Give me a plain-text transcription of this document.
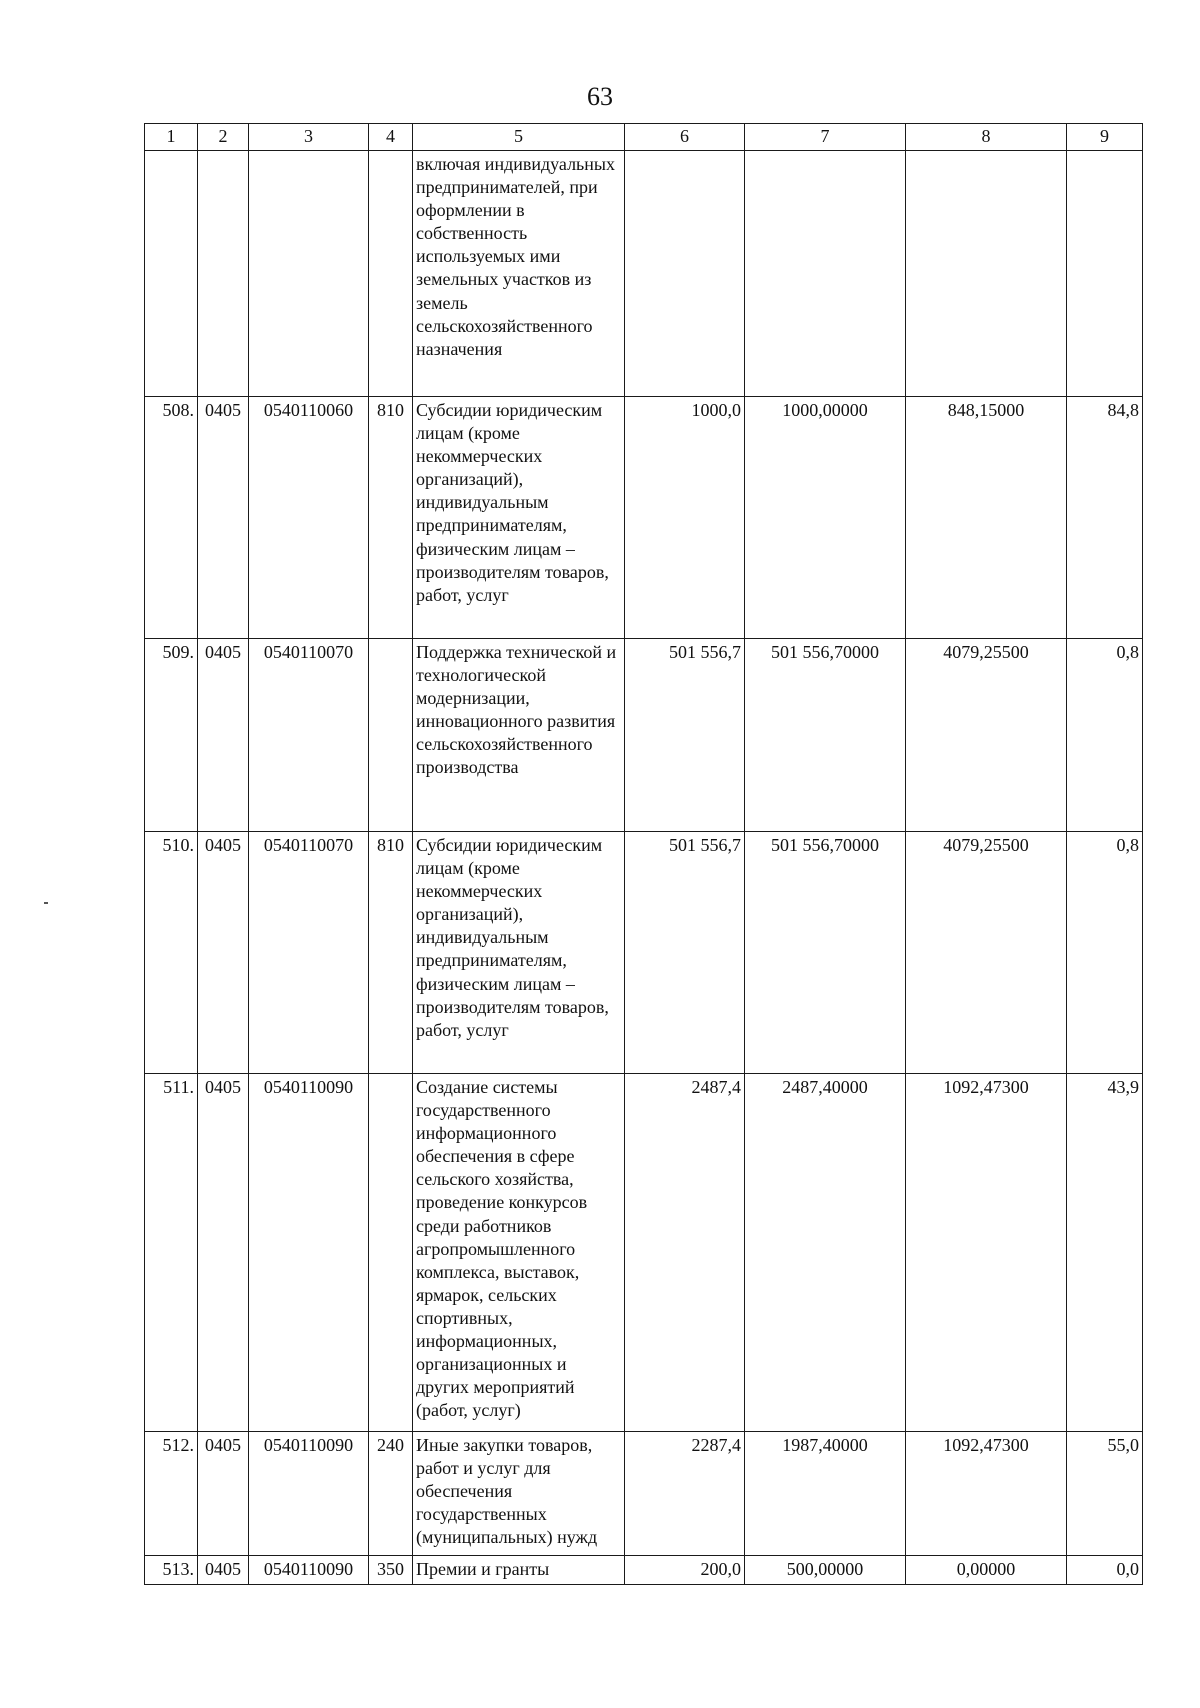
63
1	2	3	4	5	6	7	8	9
				включая индивидуальных предпринимателей, при оформлении в собственность используемых ими земельных участков из земель сельскохозяйственного назначения				
508.	0405	0540110060	810	Субсидии юридическим лицам (кроме некоммерческих организаций), индивидуальным предпринимателям, физическим лицам – производителям товаров, работ, услуг	1000,0	1000,00000	848,15000	84,8
509.	0405	0540110070		Поддержка технической и технологической модернизации, инновационного развития сельскохозяйственного производства	501 556,7	501 556,70000	4079,25500	0,8
510.	0405	0540110070	810	Субсидии юридическим лицам (кроме некоммерческих организаций), индивидуальным предпринимателям, физическим лицам – производителям товаров, работ, услуг	501 556,7	501 556,70000	4079,25500	0,8
511.	0405	0540110090		Создание системы государственного информационного обеспечения в сфере сельского хозяйства, проведение конкурсов среди работников агропромышленного комплекса, выставок, ярмарок, сельских спортивных, информационных, организационных и других мероприятий (работ, услуг)	2487,4	2487,40000	1092,47300	43,9
512.	0405	0540110090	240	Иные закупки товаров, работ и услуг для обеспечения государственных (муниципальных) нужд	2287,4	1987,40000	1092,47300	55,0
513.	0405	0540110090	350	Премии и гранты	200,0	500,00000	0,00000	0,0
